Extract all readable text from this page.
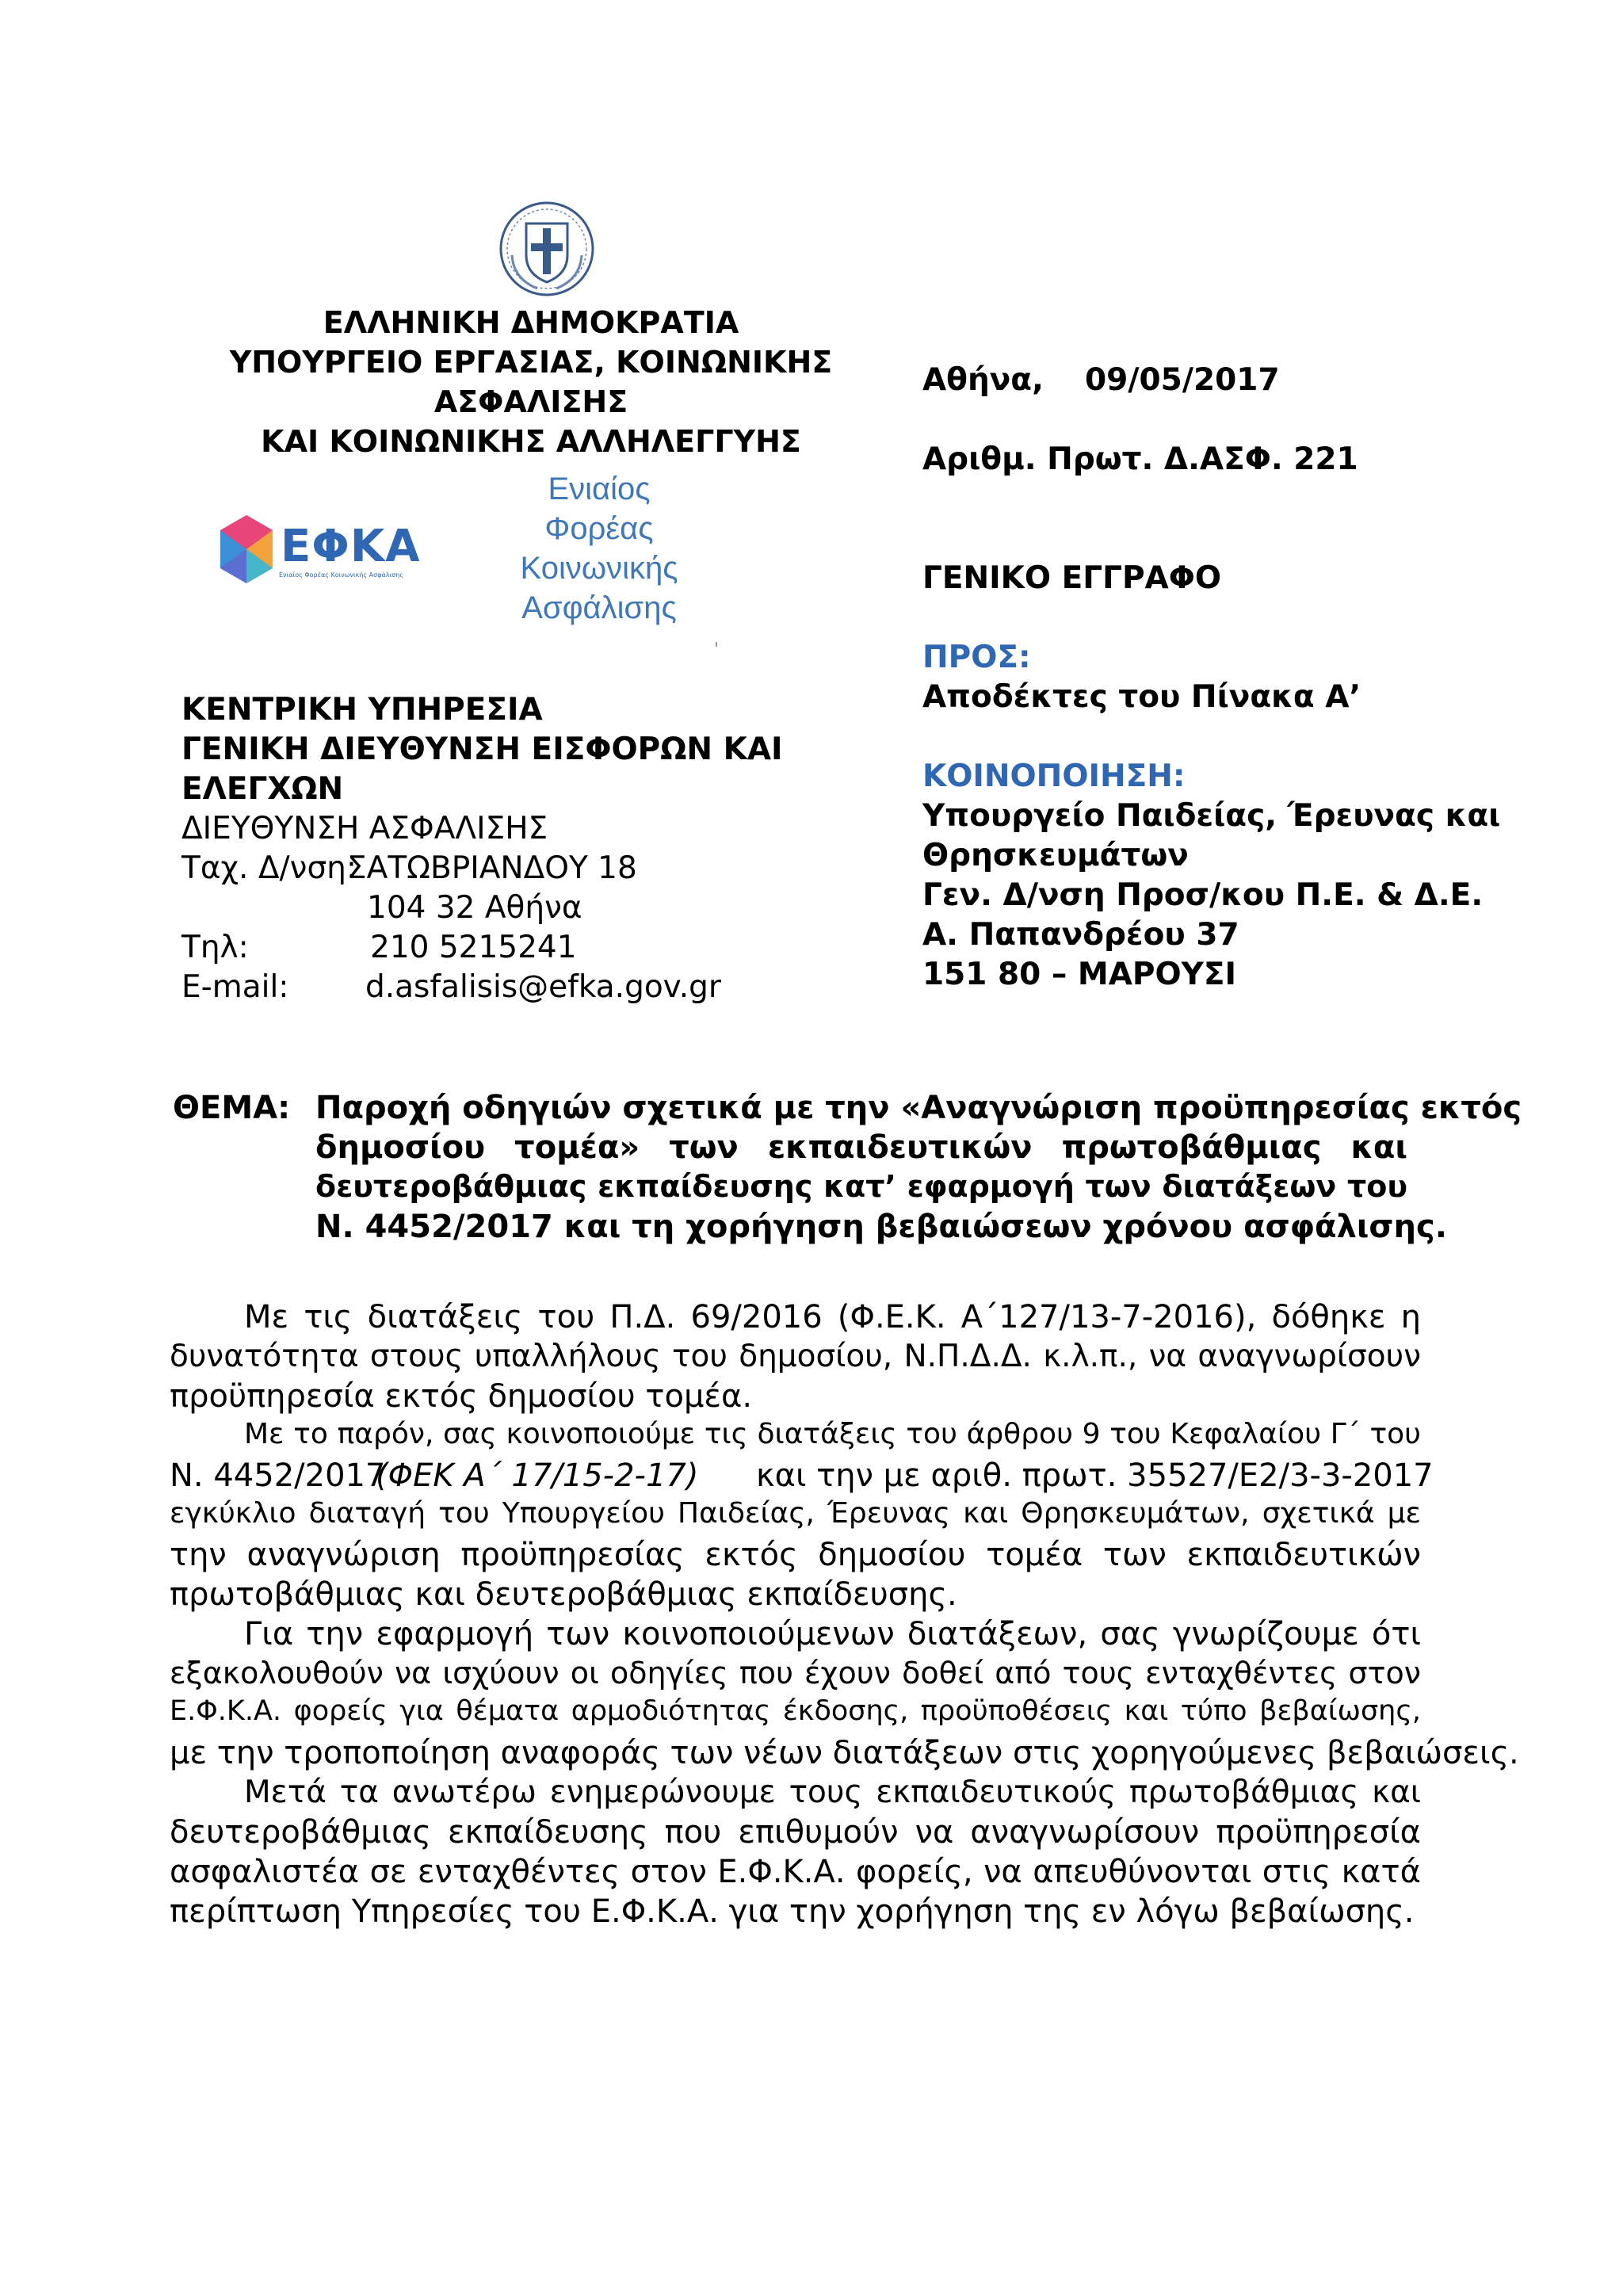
ΕΛΛΗΝΙΚΗ ΔΗΜΟΚΡΑΤΙΑ
ΥΠΟΥΡΓΕΙΟ ΕΡΓΑΣΙΑΣ, ΚΟΙΝΩΝΙΚΗΣ
ΑΣΦΑΛΙΣΗΣ
ΚΑΙ ΚΟΙΝΩΝΙΚΗΣ ΑΛΛΗΛΕΓΓΥΗΣ
ΕΦΚΑ
Ενιαίος Φορέας Κοινωνικής Ασφάλισης
Ενιαίος
Φορέας
Κοινωνικής
Ασφάλισης
ΚΕΝΤΡΙΚΗ ΥΠΗΡΕΣΙΑ
ΓΕΝΙΚΗ ΔΙΕΥΘΥΝΣΗ ΕΙΣΦΟΡΩΝ ΚΑΙ
ΕΛΕΓΧΩΝ
ΔΙΕΥΘΥΝΣΗ ΑΣΦΑΛΙΣΗΣ
Ταχ. Δ/νση:
ΣΑΤΩΒΡΙΑΝΔΟΥ 18
104 32 Αθήνα
Τηλ:	210 5215241
E-mail: d.asfalisis@efka.gov.gr
Αθήνα, 09/05/2017
Αριθμ. Πρωτ. Δ.ΑΣΦ. 221
ΓΕΝΙΚΟ ΕΓΓΡΑΦΟ
ΠΡΟΣ:
Αποδέκτες του Πίνακα Α’
ΚΟΙΝΟΠΟΙΗΣΗ:
Υπουργείο Παιδείας, Έρευνας και
Θρησκευμάτων
Γεν. Δ/νση Προσ/κου Π.Ε. & Δ.Ε.
Α. Παπανδρέου 37
151 80 – ΜΑΡΟΥΣΙ
ΘΕΜΑ: Παροχή οδηγιών σχετικά με την «Αναγνώριση προϋπηρεσίας εκτός
δημοσίου τομέα» των εκπαιδευτικών πρωτοβάθμιας και
δευτεροβάθμιας εκπαίδευσης κατ’ εφαρμογή των διατάξεων του
Ν. 4452/2017 και τη χορήγηση βεβαιώσεων χρόνου ασφάλισης.
Με τις διατάξεις του Π.Δ. 69/2016 (Φ.Ε.Κ. Α΄127/13-7-2016), δόθηκε η
δυνατότητα στους υπαλλήλους του δημοσίου, Ν.Π.Δ.Δ. κ.λ.π., να αναγνωρίσουν
προϋπηρεσία εκτός δημοσίου τομέα.
Με το παρόν, σας κοινοποιούμε τις διατάξεις του άρθρου 9 του Κεφαλαίου Γ΄ του
Ν. 4452/2017
(ΦΕΚ Α΄ 17/15-2-17) και την με αριθ. πρωτ. 35527/Ε2/3-3-2017
εγκύκλιο διαταγή του Υπουργείου Παιδείας, Έρευνας και Θρησκευμάτων, σχετικά με
την αναγνώριση προϋπηρεσίας εκτός δημοσίου τομέα των εκπαιδευτικών
πρωτοβάθμιας και δευτεροβάθμιας εκπαίδευσης.
Για την εφαρμογή των κοινοποιούμενων διατάξεων, σας γνωρίζουμε ότι
εξακολουθούν να ισχύουν οι οδηγίες που έχουν δοθεί από τους ενταχθέντες στον
Ε.Φ.Κ.Α. φορείς για θέματα αρμοδιότητας έκδοσης, προϋποθέσεις και τύπο βεβαίωσης,
με την τροποποίηση αναφοράς των νέων διατάξεων στις χορηγούμενες βεβαιώσεις.
Μετά τα ανωτέρω ενημερώνουμε τους εκπαιδευτικούς πρωτοβάθμιας και
δευτεροβάθμιας εκπαίδευσης που επιθυμούν να αναγνωρίσουν προϋπηρεσία
ασφαλιστέα σε ενταχθέντες στον Ε.Φ.Κ.Α. φορείς, να απευθύνονται στις κατά
περίπτωση Υπηρεσίες του Ε.Φ.Κ.Α. για την χορήγηση της εν λόγω βεβαίωσης.
